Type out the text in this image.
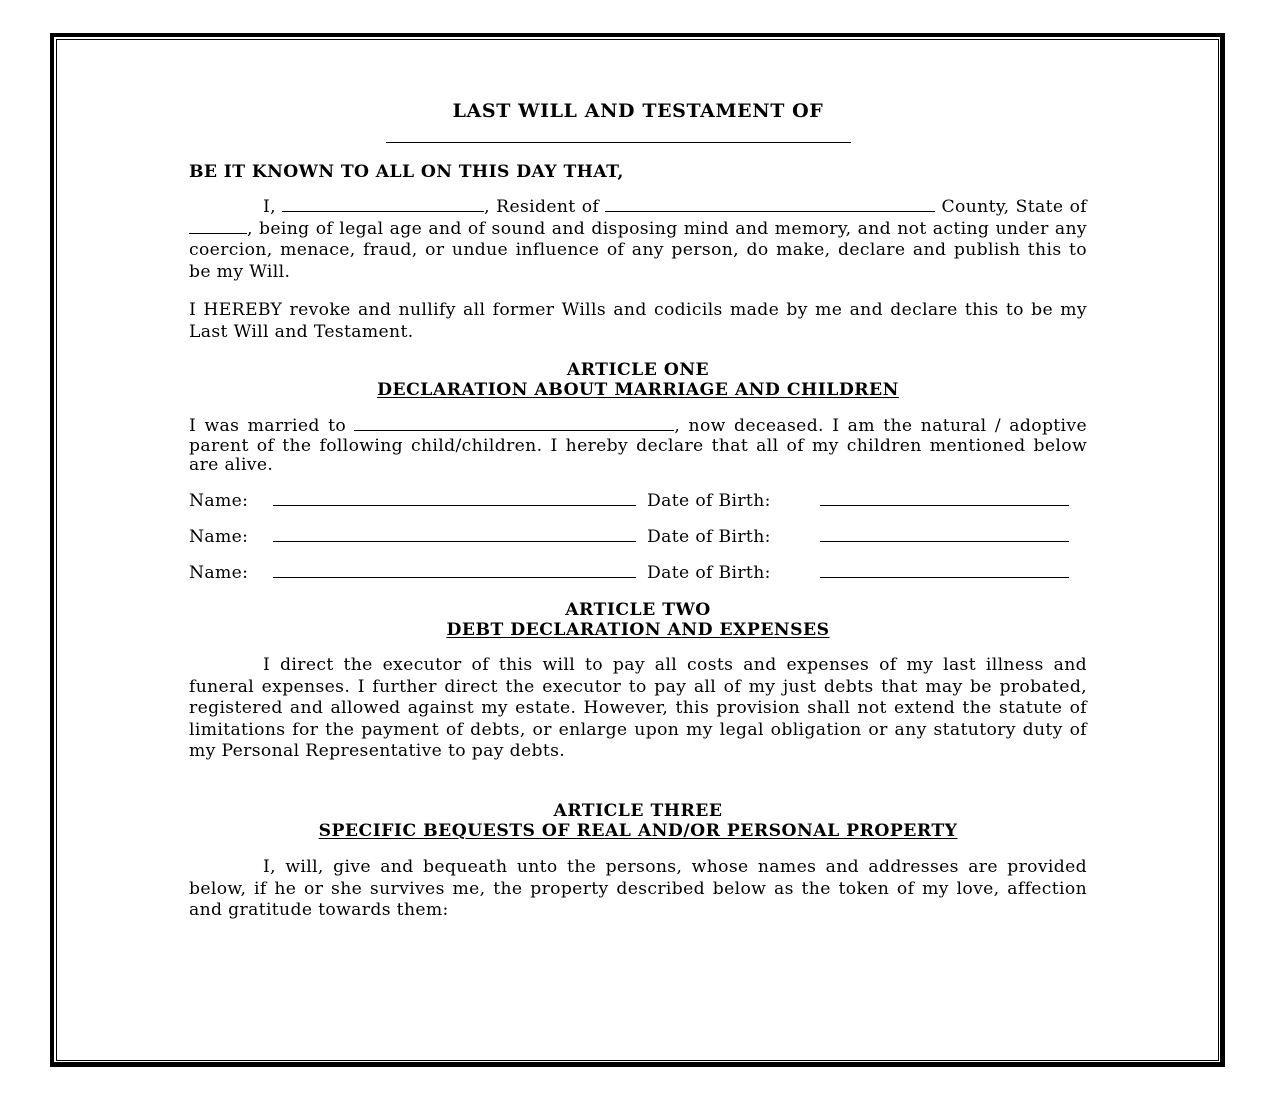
LAST WILL AND TESTAMENT OF
BE IT KNOWN TO ALL ON THIS DAY THAT,
I,	, Resident of	County, State of , being of legal age and of sound and disposing mind and memory, and not acting under any coercion, menace, fraud, or undue influence of any person, do make, declare and publish this to be my Will.
I HEREBY revoke and nullify all former Wills and codicils made by me and declare this to be my Last Will and Testament.
ARTICLE ONE
DECLARATION ABOUT MARRIAGE AND CHILDREN
I was married to	, now deceased. I am the natural / adoptive parent of the following child/children. I hereby declare that all of my children mentioned below are alive.
Name:	Date of Birth:
Name:	Date of Birth:
Name:	Date of Birth:
ARTICLE TWO
DEBT DECLARATION AND EXPENSES
I direct the executor of this will to pay all costs and expenses of my last illness and funeral expenses. I further direct the executor to pay all of my just debts that may be probated, registered and allowed against my estate. However, this provision shall not extend the statute of limitations for the payment of debts, or enlarge upon my legal obligation or any statutory duty of my Personal Representative to pay debts.
ARTICLE THREE
SPECIFIC BEQUESTS OF REAL AND/OR PERSONAL PROPERTY
I, will, give and bequeath unto the persons, whose names and addresses are provided below, if he or she survives me, the property described below as the token of my love, affection and gratitude towards them:
